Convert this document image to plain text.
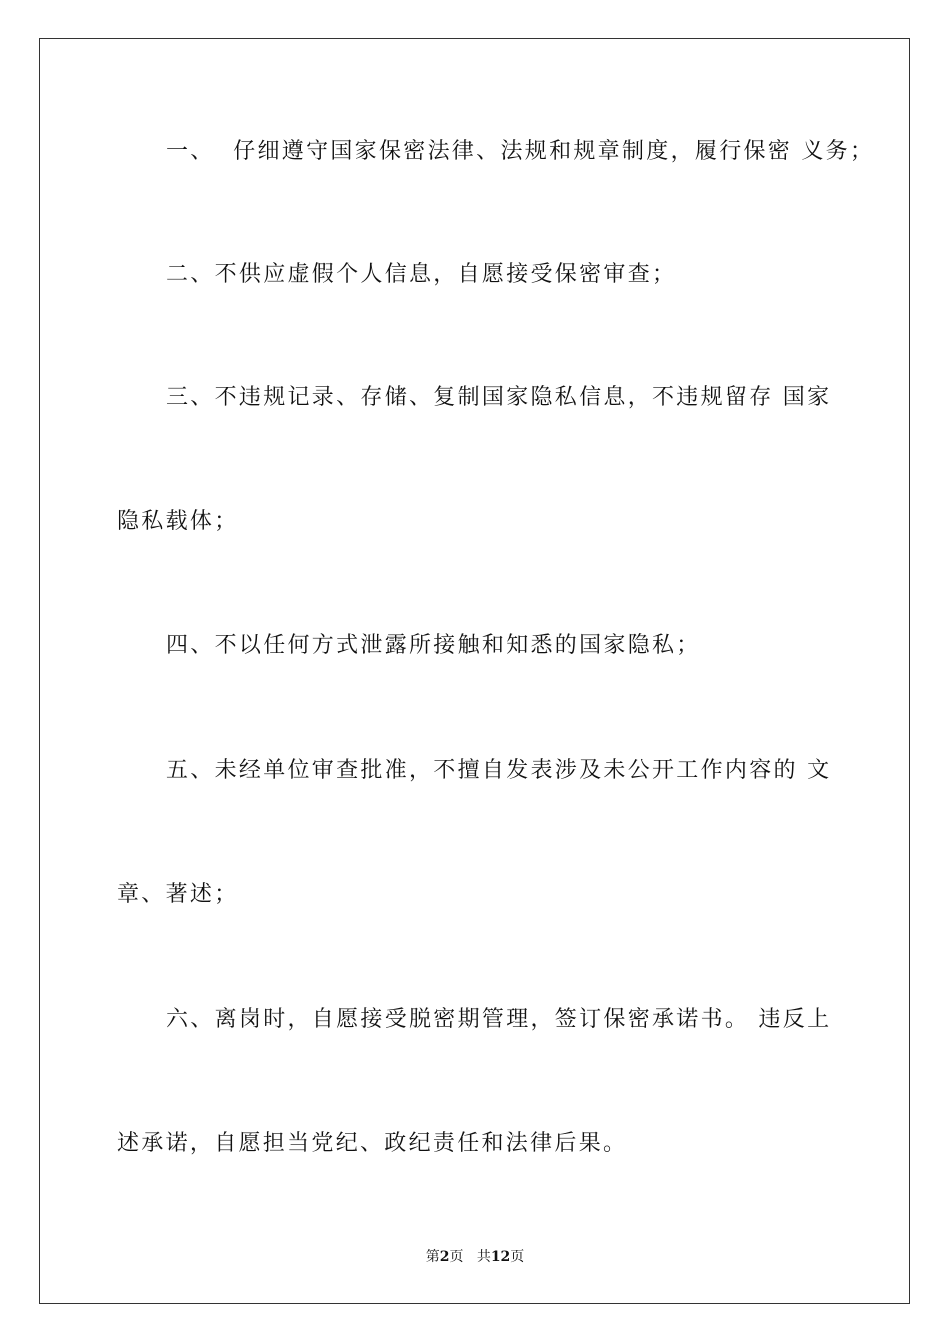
一、  仔细遵守国家保密法律、法规和规章制度，履行保密 义务；
二、不供应虚假个人信息，自愿接受保密审查；
三、不违规记录、存储、复制国家隐私信息，不违规留存 国家
隐私载体；
四、不以任何方式泄露所接触和知悉的国家隐私；
五、未经单位审查批准，不擅自发表涉及未公开工作内容的 文
章、著述；
六、离岗时，自愿接受脱密期管理，签订保密承诺书。 违反上
述承诺，自愿担当党纪、政纪责任和法律后果。
第2页 共12页
